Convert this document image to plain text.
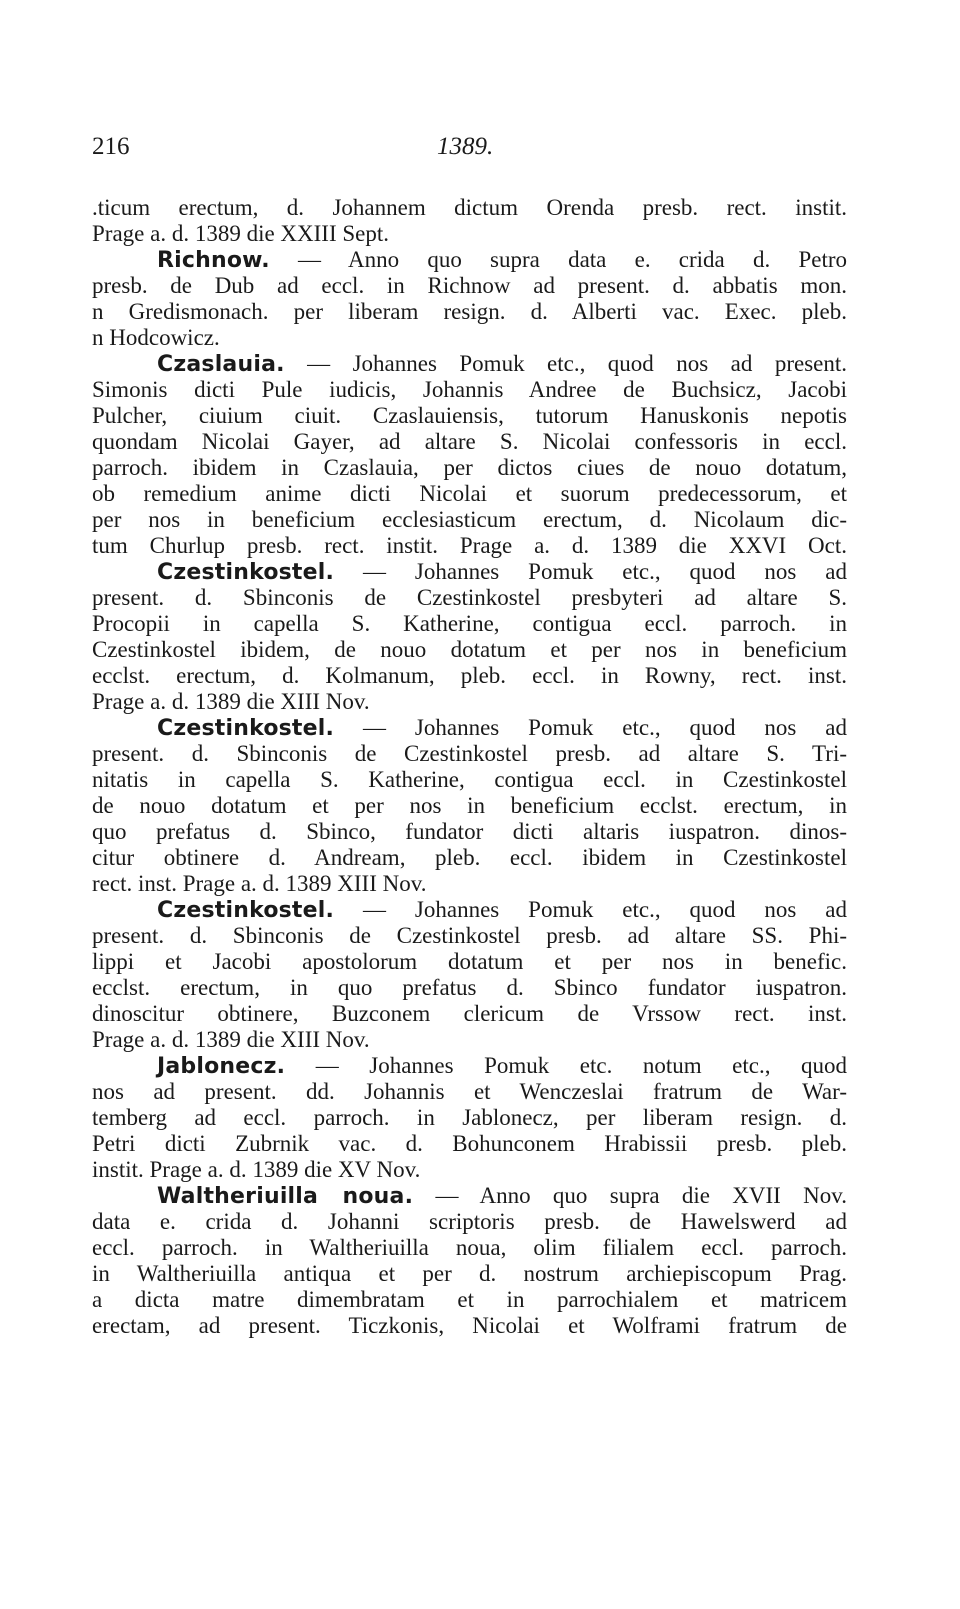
216	1389.
.ticum erectum, d. Johannem dictum Orenda presb. rect. instit.
Prage a. d. 1389 die XXIII Sept.
Richnow. — Anno quo supra data e. crida d. Petro
presb. de Dub ad eccl. in Richnow ad present. d. abbatis mon.
n Gredismonach. per liberam resign. d. Alberti vac. Exec. pleb.
n Hodcowicz.
Czaslauia. — Johannes Pomuk etc., quod nos ad present.
Simonis dicti Pule iudicis, Johannis Andree de Buchsicz, Jacobi
Pulcher, ciuium ciuit. Czaslauiensis, tutorum Hanuskonis nepotis
quondam Nicolai Gayer, ad altare S. Nicolai confessoris in eccl.
parroch. ibidem in Czaslauia, per dictos ciues de nouo dotatum,
ob remedium anime dicti Nicolai et suorum predecessorum, et
per nos in beneficium ecclesiasticum erectum, d. Nicolaum dic-
tum Churlup presb. rect. instit. Prage a. d. 1389 die XXVI Oct.
Czestinkostel. — Johannes Pomuk etc., quod nos ad
present. d. Sbinconis de Czestinkostel presbyteri ad altare S.
Procopii in capella S. Katherine, contigua eccl. parroch. in
Czestinkostel ibidem, de nouo dotatum et per nos in beneficium
ecclst. erectum, d. Kolmanum, pleb. eccl. in Rowny, rect. inst.
Prage a. d. 1389 die XIII Nov.
Czestinkostel. — Johannes Pomuk etc., quod nos ad
present. d. Sbinconis de Czestinkostel presb. ad altare S. Tri-
nitatis in capella S. Katherine, contigua eccl. in Czestinkostel
de nouo dotatum et per nos in beneficium ecclst. erectum, in
quo prefatus d. Sbinco, fundator dicti altaris iuspatron. dinos-
citur obtinere d. Andream, pleb. eccl. ibidem in Czestinkostel
rect. inst. Prage a. d. 1389 XIII Nov.
Czestinkostel. — Johannes Pomuk etc., quod nos ad
present. d. Sbinconis de Czestinkostel presb. ad altare SS. Phi-
lippi et Jacobi apostolorum dotatum et per nos in benefic.
ecclst. erectum, in quo prefatus d. Sbinco fundator iuspatron.
dinoscitur obtinere, Buzconem clericum de Vrssow rect. inst.
Prage a. d. 1389 die XIII Nov.
Jablonecz. — Johannes Pomuk etc. notum etc., quod
nos ad present. dd. Johannis et Wenczeslai fratrum de War-
temberg ad eccl. parroch. in Jablonecz, per liberam resign. d.
Petri dicti Zubrnik vac. d. Bohunconem Hrabissii presb. pleb.
instit. Prage a. d. 1389 die XV Nov.
Waltheriuilla noua. — Anno quo supra die XVII Nov.
data e. crida d. Johanni scriptoris presb. de Hawelswerd ad
eccl. parroch. in Waltheriuilla noua, olim filialem eccl. parroch.
in Waltheriuilla antiqua et per d. nostrum archiepiscopum Prag.
a dicta matre dimembratam et in parrochialem et matricem
erectam, ad present. Ticzkonis, Nicolai et Wolframi fratrum de
